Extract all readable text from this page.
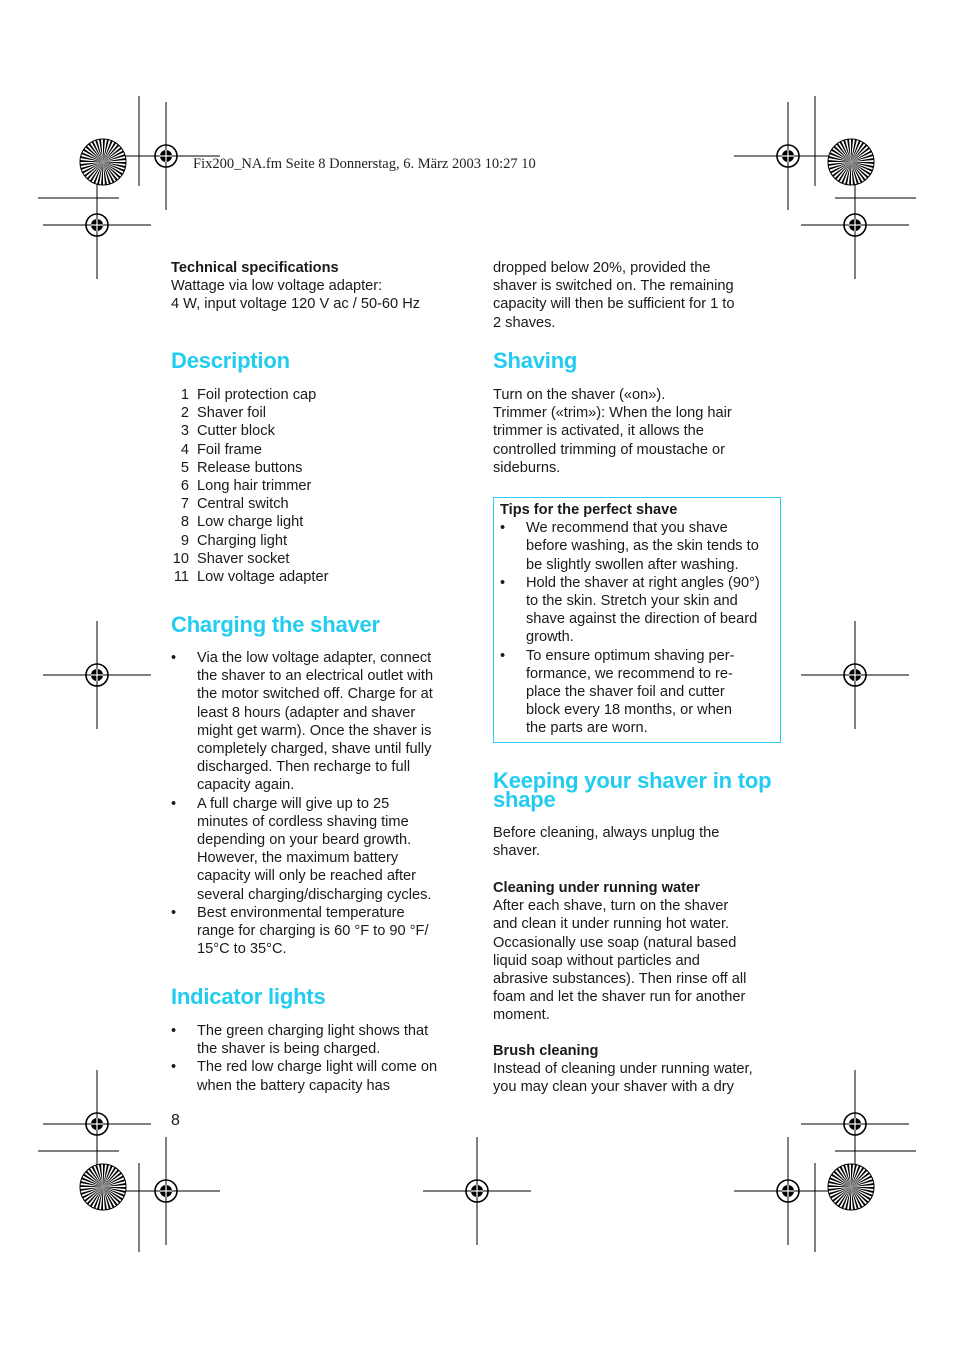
Fix200_NA.fm Seite 8 Donnerstag, 6. März 2003 10:27 10
Technical specifications
Wattage via low voltage adapter:
4 W, input voltage 120 V ac / 50-60 Hz
Description
1 Foil protection cap
2 Shaver foil
3 Cutter block
4 Foil frame
5 Release buttons
6 Long hair trimmer
7 Central switch
8 Low charge light
9 Charging light
10 Shaver socket
11 Low voltage adapter
Charging the shaver
• Via the low voltage adapter, connect
the shaver to an electrical outlet with
the motor switched off. Charge for at
least 8 hours (adapter and shaver
might get warm). Once the shaver is
completely charged, shave until fully
discharged. Then recharge to full
capacity again.
• A full charge will give up to 25
minutes of cordless shaving time
depending on your beard growth.
However, the maximum battery
capacity will only be reached after
several charging/discharging cycles.
• Best environmental temperature
range for charging is 60 °F to 90 °F/
15°C to 35°C.
Indicator lights
• The green charging light shows that
the shaver is being charged.
• The red low charge light will come on
when the battery capacity has
8
dropped below 20%, provided the
shaver is switched on. The remaining
capacity will then be sufficient for 1 to
2 shaves.
Shaving
Turn on the shaver («on»).
Trimmer («trim»): When the long hair
trimmer is activated, it allows the
controlled trimming of moustache or
sideburns.
Tips for the perfect shave
• We recommend that you shave
before washing, as the skin tends to
be slightly swollen after washing.
• Hold the shaver at right angles (90°)
to the skin. Stretch your skin and
shave against the direction of beard
growth.
• To ensure optimum shaving per-
formance, we recommend to re-
place the shaver foil and cutter
block every 18 months, or when
the parts are worn.
Keeping your shaver in top
shape
Before cleaning, always unplug the
shaver.
Cleaning under running water
After each shave, turn on the shaver
and clean it under running hot water.
Occasionally use soap (natural based
liquid soap without particles and
abrasive substances). Then rinse off all
foam and let the shaver run for another
moment.
Brush cleaning
Instead of cleaning under running water,
you may clean your shaver with a dry
